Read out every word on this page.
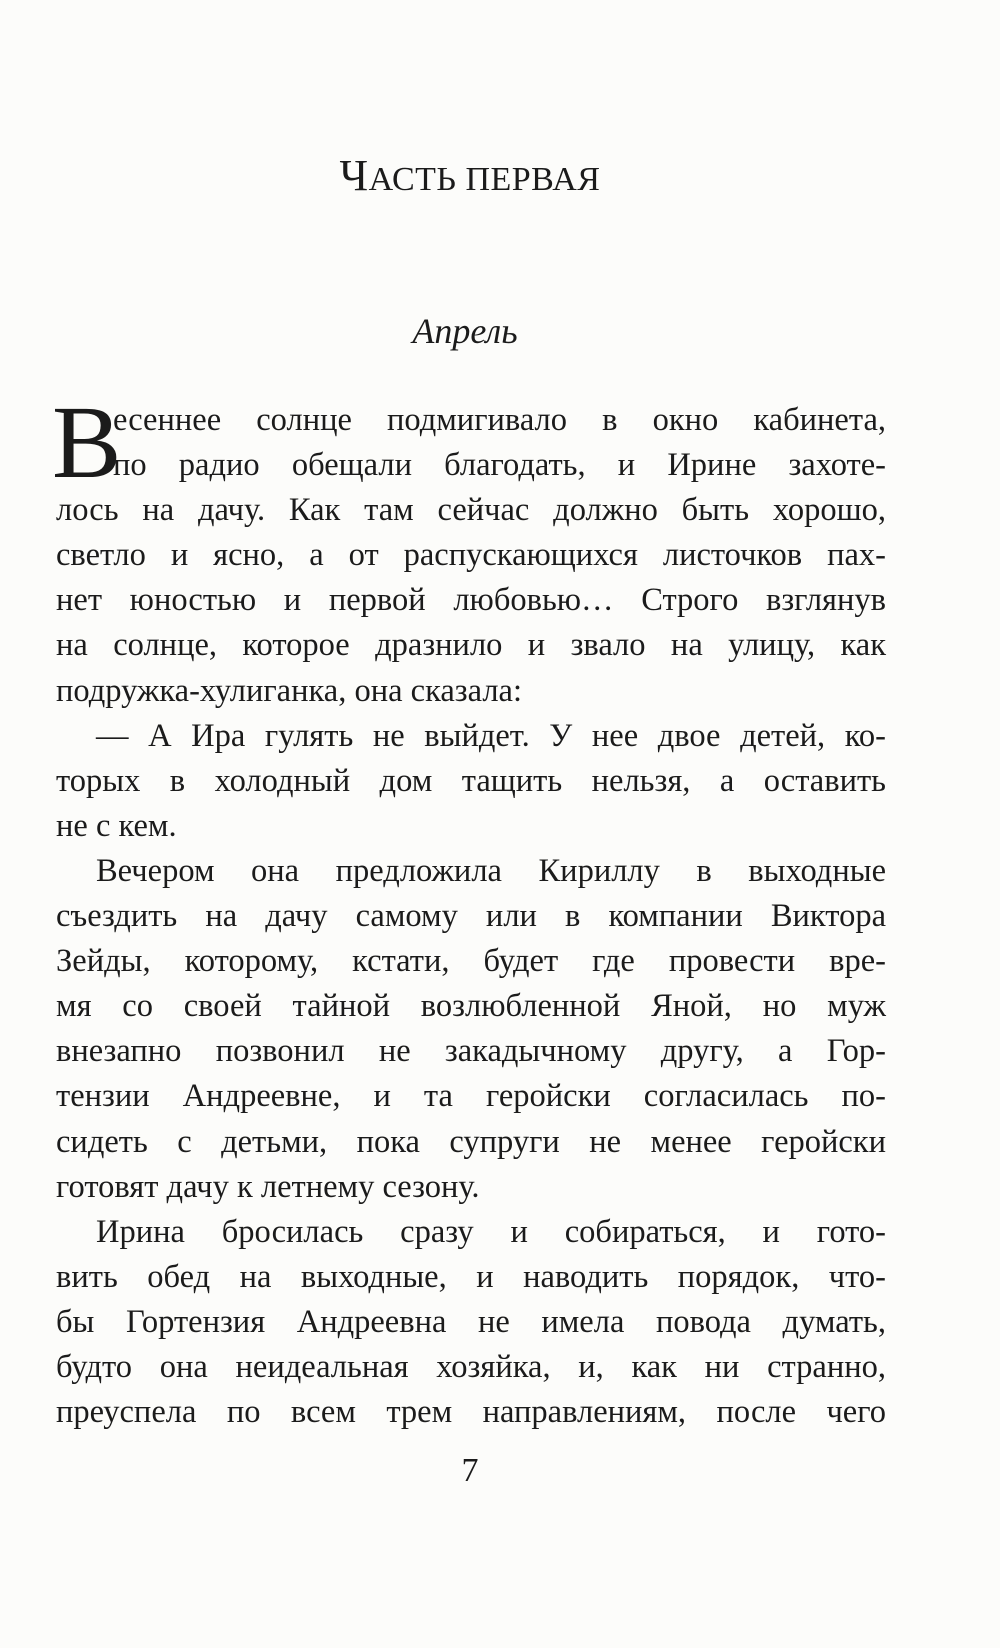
ЧАСТЬ ПЕРВАЯ
Апрель
В
есеннее солнце подмигивало в окно кабинета,
по радио обещали благодать, и Ирине захоте-
лось на дачу. Как там сейчас должно быть хорошо,
светло и ясно, а от распускающихся листочков пах-
нет юностью и первой любовью… Строго взглянув
на солнце, которое дразнило и звало на улицу, как
подружка-хулиганка, она сказала:
— А Ира гулять не выйдет. У нее двое детей, ко-
торых в холодный дом тащить нельзя, а оставить
не с кем.
Вечером она предложила Кириллу в выходные
съездить на дачу самому или в компании Виктора
Зейды, которому, кстати, будет где провести вре-
мя со своей тайной возлюбленной Яной, но муж
внезапно позвонил не закадычному другу, а Гор-
тензии Андреевне, и та геройски согласилась по-
сидеть с детьми, пока супруги не менее геройски
готовят дачу к летнему сезону.
Ирина бросилась сразу и собираться, и гото-
вить обед на выходные, и наводить порядок, что-
бы Гортензия Андреевна не имела повода думать,
будто она неидеальная хозяйка, и, как ни странно,
преуспела по всем трем направлениям, после чего
7
